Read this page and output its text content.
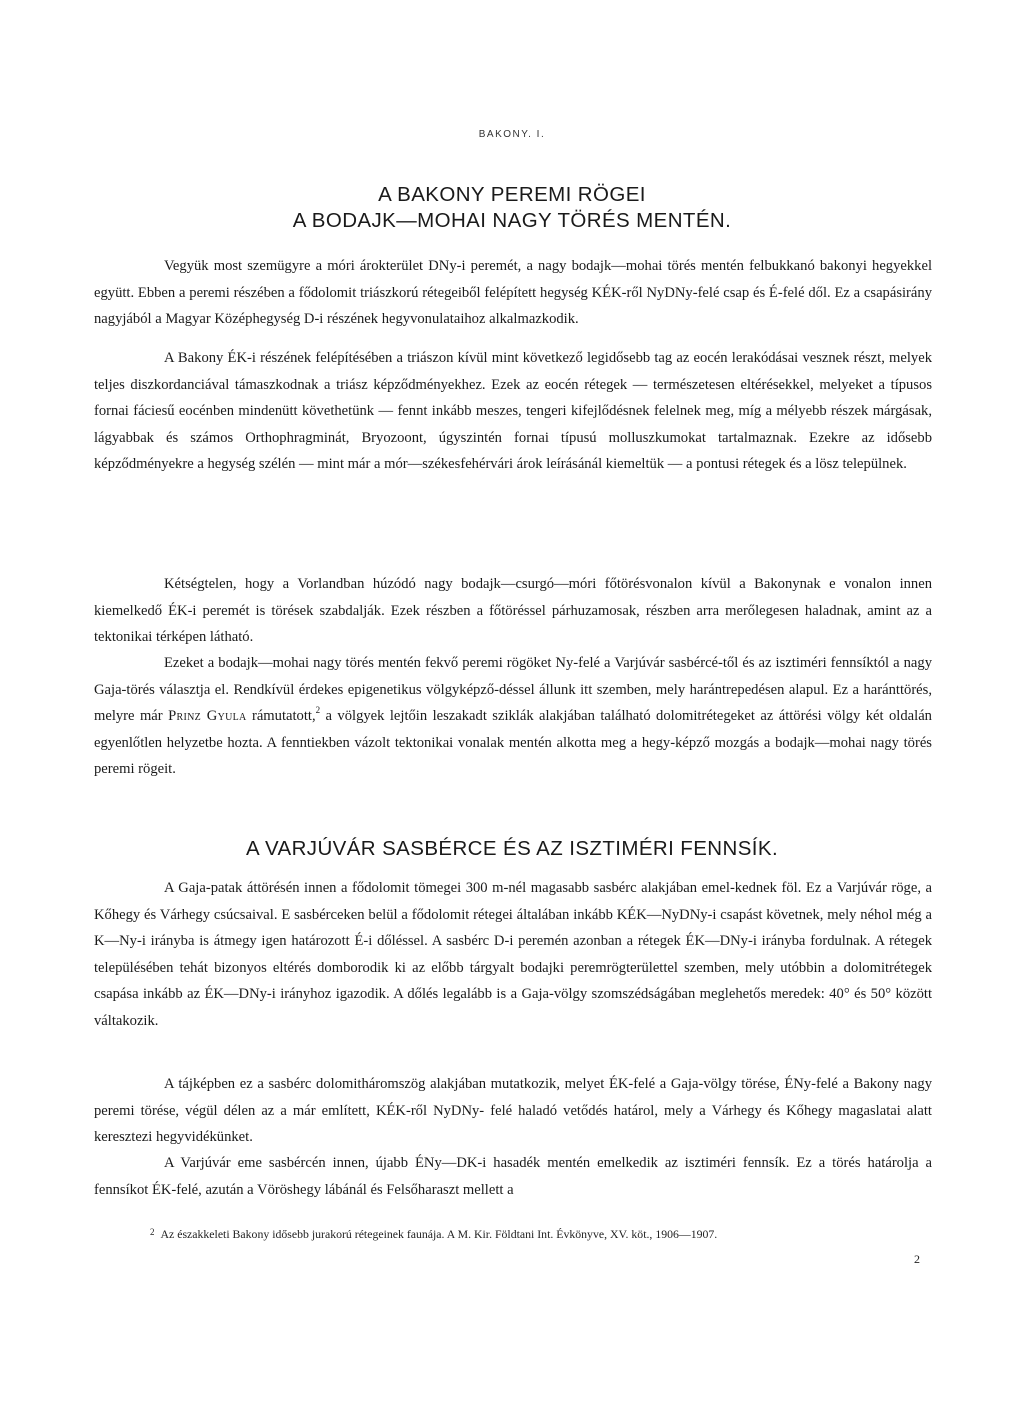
BAKONY. I.
A BAKONY PEREMI RÖGEI
A BODAJK—MOHAI NAGY TÖRÉS MENTÉN.

Vegyük most szemügyre a móri árokterület DNy-i peremét, a nagy bodajk—mohai törés mentén felbukkanó bakonyi hegyekkel együtt. Ebben a peremi részében a fődolomit triászkorú rétegeiből felépített hegység KÉK-ről NyDNy-felé csap és É-felé dől. Ez a csapásirány nagyjából a Magyar Középhegység D-i részének hegyvonulataihoz alkalmazkodik.

A Bakony ÉK-i részének felépítésében a triászon kívül mint következő legidősebb tag az eocén lerakódásai vesznek részt, melyek teljes diszkordanciával támaszkodnak a triász képződményekhez. Ezek az eocén rétegek — természetesen eltérésekkel, melyeket a típusos fornai fáciesű eocénben mindenütt követhetünk — fennt inkább meszes, tengeri kifejlődésnek felelnek meg, míg a mélyebb részek márgásak, lágyabbak és számos Orthophragminát, Bryozoont, úgyszintén fornai típusú molluszkumokat tartalmaznak. Ezekre az idősebb képződményekre a hegység szélén — mint már a mór—székesfehérvári árok leírásánál kiemeltük — a pontusi rétegek és a lösz települnek.

Kétségtelen, hogy a Vorlandban húzódó nagy bodajk—csurgó—móri főtörésvonalon kívül a Bakonynak e vonalon innen kiemelkedő ÉK-i peremét is törések szabdalják. Ezek részben a főtöréssel párhuzamosak, részben arra merőlegesen haladnak, amint az a tektonikai térképen látható.

Ezeket a bodajk—mohai nagy törés mentén fekvő peremi rögöket Ny-felé a Varjúvár sasbércé-től és az isztiméri fennsíktól a nagy Gaja-törés választja el. Rendkívül érdekes epigenetikus völgyképző-déssel állunk itt szemben, mely harántrepedésen alapul. Ez a haránttörés, melyre már Prinz Gyula rámutatott,$^2$ a völgyek lejtőin leszakadt sziklák alakjában található dolomitrétegeket az áttörési völgy két oldalán egyenlőtlen helyzetbe hozta. A fenntiekben vázolt tektonikai vonalak mentén alkotta meg a hegy-képző mozgás a bodajk—mohai nagy törés peremi rögeit.

A VARJÚVÁR SASBÉRCE ÉS AZ ISZTIMÉRI FENNSÍK.

A Gaja-patak áttörésén innen a fődolomit tömegei 300 m-nél magasabb sasbérc alakjában emel-kednek föl. Ez a Varjúvár röge, a Kőhegy és Várhegy csúcsaival. E sasbérceken belül a fődolomit rétegei általában inkább KÉK—NyDNy-i csapást követnek, mely néhol még a K—Ny-i irányba is átmegy igen határozott É-i dőléssel. A sasbérc D-i peremén azonban a rétegek ÉK—DNy-i irányba fordulnak. A rétegek településében tehát bizonyos eltérés domborodik ki az előbb tárgyalt bodajki peremrögterülettel szemben, mely utóbbin a dolomitrétegek csapása inkább az ÉK—DNy-i irányhoz igazodik. A dőlés legalább is a Gaja-völgy szomszédságában meglehetős meredek: 40° és 50° között váltakozik.

A tájképben ez a sasbérc dolomitháromszög alakjában mutatkozik, melyet ÉK-felé a Gaja-völgy törése, ÉNy-felé a Bakony nagy peremi törése, végül délen az a már említett, KÉK-ről NyDNy- felé haladó vetődés határol, mely a Várhegy és Kőhegy magaslatai alatt keresztezi hegyvidékünket.

A Varjúvár eme sasbércén innen, újabb ÉNy—DK-i hasadék mentén emelkedik az isztiméri fennsík. Ez a törés határolja a fennsíkot ÉK-felé, azután a Vöröshegy lábánál és Felsőharaszt mellett a

$^2$ Az északkeleti Bakony idősebb jurakorú rétegeinek faunája. A M. Kir. Földtani Int. Évkönyve, XV. köt., 1906—1907.
2
